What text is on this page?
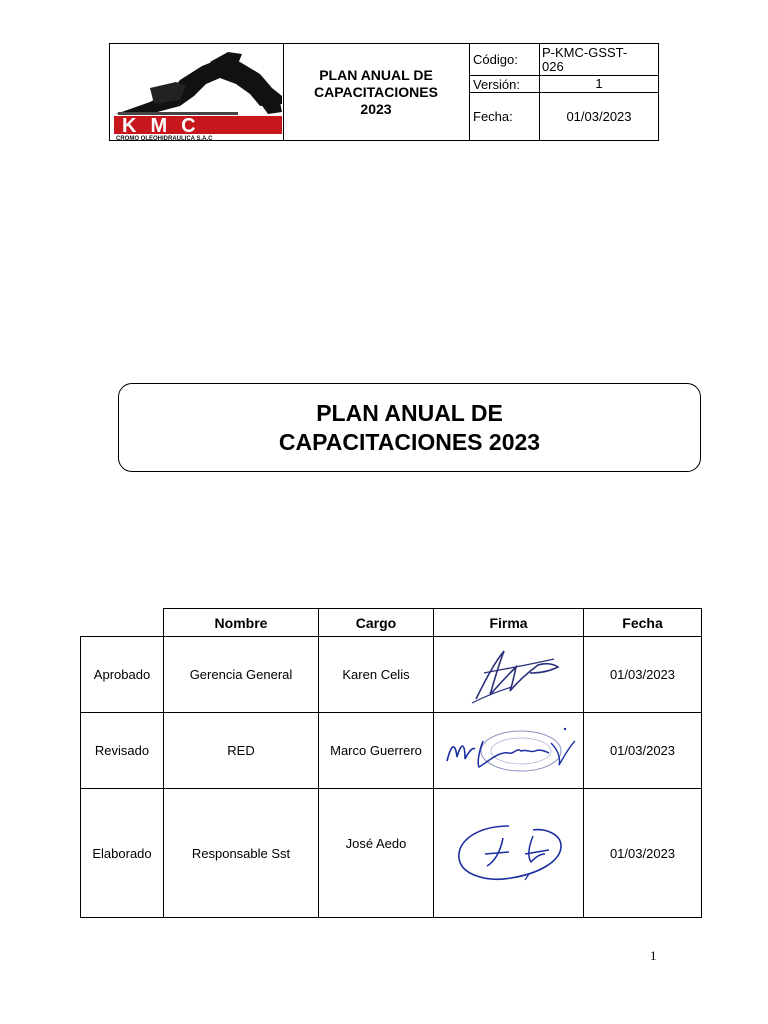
KMC
CROMO OLEOHIDRAULICA S.A.C
PLAN ANUAL DE
CAPACITACIONES
2023
Código:	P-KMC-GSST-
026
Versión:	1
Fecha:	01/03/2023
PLAN ANUAL DE
CAPACITACIONES 2023
	Nombre	Cargo	Firma	Fecha
Aprobado	Gerencia General	Karen Celis		01/03/2023
Revisado	RED	Marco Guerrero		01/03/2023
Elaborado	Responsable Sst	José Aedo		01/03/2023
1
